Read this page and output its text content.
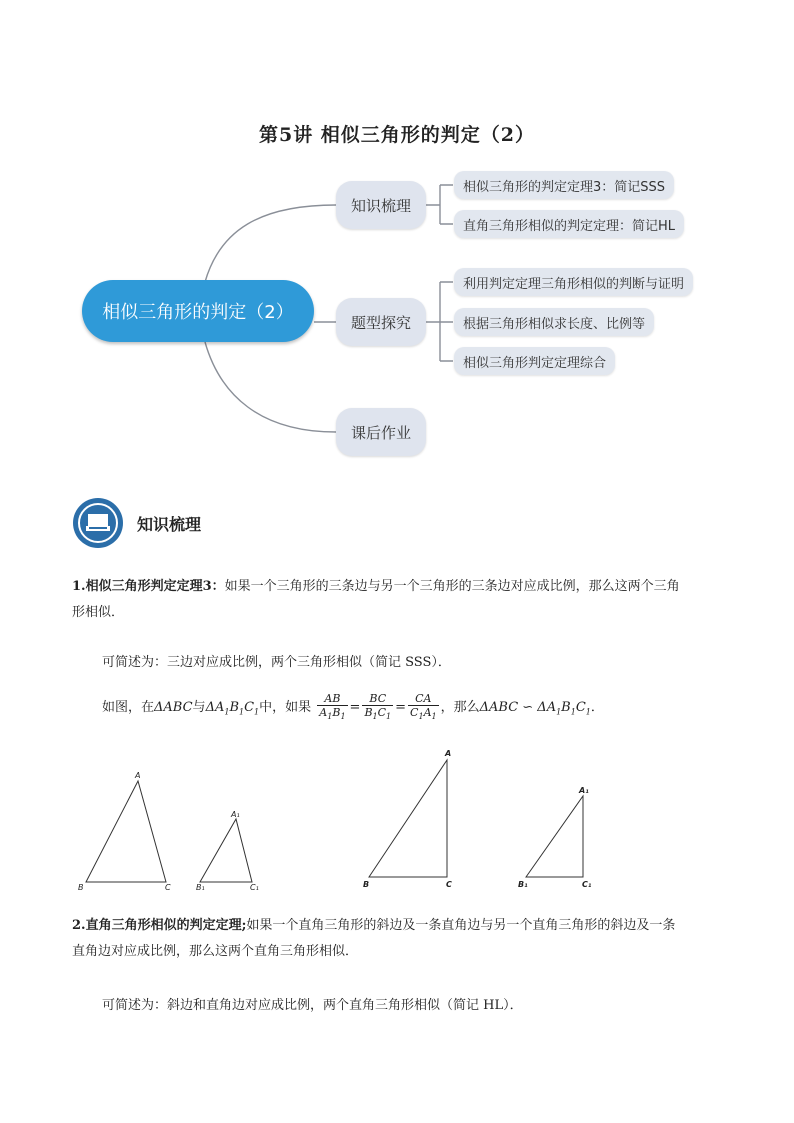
第5讲 相似三角形的判定（2）
相似三角形的判定（2）
知识梳理
题型探究
课后作业
相似三角形的判定定理3：简记SSS
直角三角形相似的判定定理：简记HL
利用判定定理三角形相似的判断与证明
根据三角形相似求长度、比例等
相似三角形判定定理综合
知识梳理
1.相似三角形判定定理3：如果一个三角形的三条边与另一个三角形的三条边对应成比例，那么这两个三角
形相似．
可简述为：三边对应成比例，两个三角形相似（简记 SSS）．
如图，在ΔABC与$\Delta A_1B_1C_1$中，如果 $\frac{AB}{A_1B_1} = \frac{BC}{B_1C_1} = \frac{CA}{C_1A_1}$ ，那么ΔABC ∽ $\Delta A_1B_1C_1$．
A
B	C
A₁
B₁	C₁
A
B	C
A₁
B₁	C₁
2.直角三角形相似的判定定理;如果一个直角三角形的斜边及一条直角边与另一个直角三角形的斜边及一条
直角边对应成比例，那么这两个直角三角形相似．
可简述为：斜边和直角边对应成比例，两个直角三角形相似（简记 HL）．
